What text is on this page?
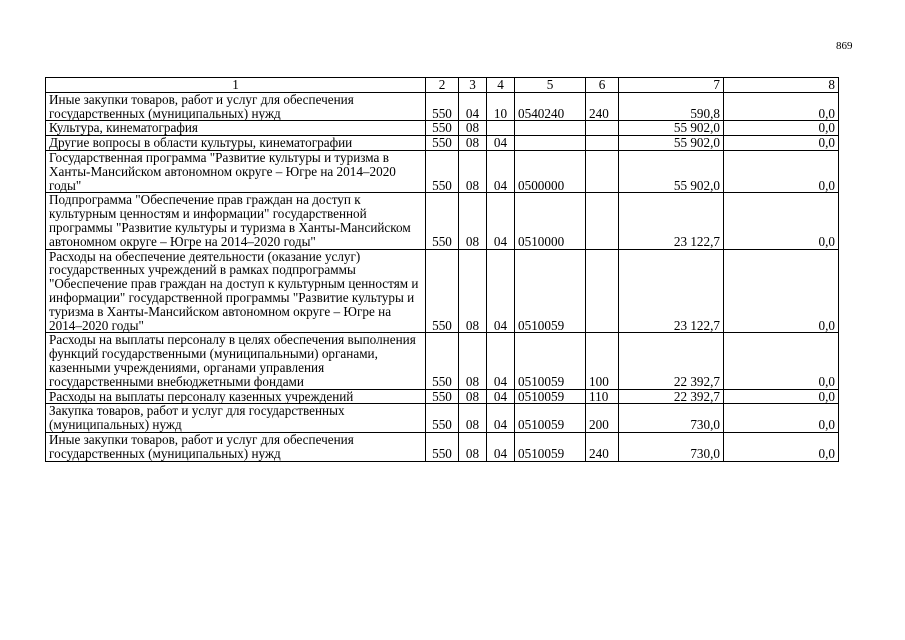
869
1	2	3	4	5	6	7	8
Иные закупки товаров, работ и услуг для обеспечения государственных (муниципальных) нужд	550	04	10	0540240	240	590,8	0,0
Культура, кинематография	550	08				55 902,0	0,0
Другие вопросы в области культуры, кинематографии	550	08	04			55 902,0	0,0
Государственная программа "Развитие культуры и туризма в Ханты-Мансийском автономном округе – Югре на 2014–2020 годы"	550	08	04	0500000		55 902,0	0,0
Подпрограмма "Обеспечение прав граждан на доступ к культурным ценностям и информации" государственной программы "Развитие культуры и туризма в Ханты-Мансийском автономном округе – Югре на 2014–2020 годы"	550	08	04	0510000		23 122,7	0,0
Расходы на обеспечение деятельности (оказание услуг) государственных учреждений в рамках подпрограммы "Обеспечение прав граждан на доступ к культурным ценностям и информации" государственной программы "Развитие культуры и туризма в Ханты-Мансийском автономном округе – Югре на 2014–2020 годы"	550	08	04	0510059		23 122,7	0,0
Расходы на выплаты персоналу в целях обеспечения выполнения функций государственными (муниципальными) органами, казенными учреждениями, органами управления государственными внебюджетными фондами	550	08	04	0510059	100	22 392,7	0,0
Расходы на выплаты персоналу казенных учреждений	550	08	04	0510059	110	22 392,7	0,0
Закупка товаров, работ и услуг для государственных (муниципальных) нужд	550	08	04	0510059	200	730,0	0,0
Иные закупки товаров, работ и услуг для обеспечения государственных (муниципальных) нужд	550	08	04	0510059	240	730,0	0,0
